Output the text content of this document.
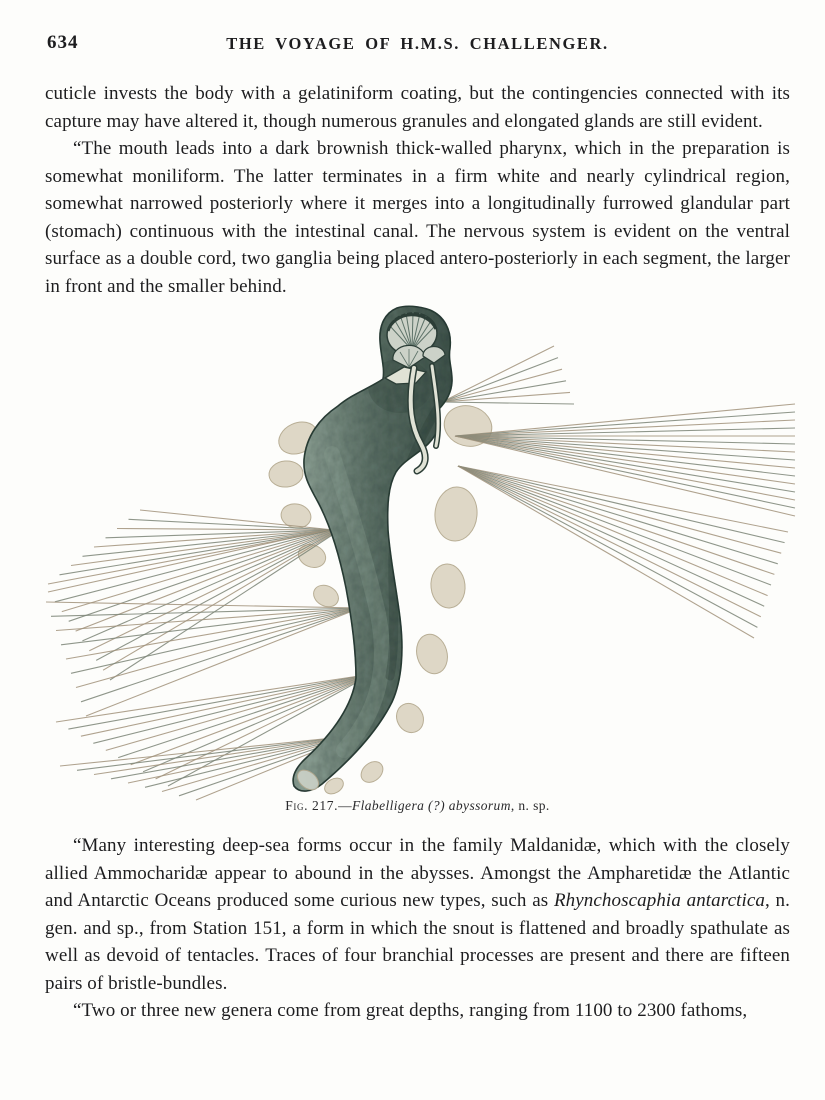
634	THE VOYAGE OF H.M.S. CHALLENGER.

cuticle invests the body with a gelatiniform coating, but the contingencies connected with its capture may have altered it, though numerous granules and elongated glands are still evident.

“The mouth leads into a dark brownish thick-walled pharynx, which in the preparation is somewhat moniliform. The latter terminates in a firm white and nearly cylindrical region, somewhat narrowed posteriorly where it merges into a longitudinally furrowed glandular part (stomach) continuous with the intestinal canal. The nervous system is evident on the ventral surface as a double cord, two ganglia being placed antero-posteriorly in each segment, the larger in front and the smaller behind.

Fig. 217.—Flabelligera (?) abyssorum, n. sp.

“Many interesting deep-sea forms occur in the family Maldanidæ, which with the closely allied Ammocharidæ appear to abound in the abysses. Amongst the Ampharetidæ the Atlantic and Antarctic Oceans produced some curious new types, such as Rhynchoscaphia antarctica, n. gen. and sp., from Station 151, a form in which the snout is flattened and broadly spathulate as well as devoid of tentacles. Traces of four branchial processes are present and there are fifteen pairs of bristle-bundles.

“Two or three new genera come from great depths, ranging from 1100 to 2300 fathoms,
